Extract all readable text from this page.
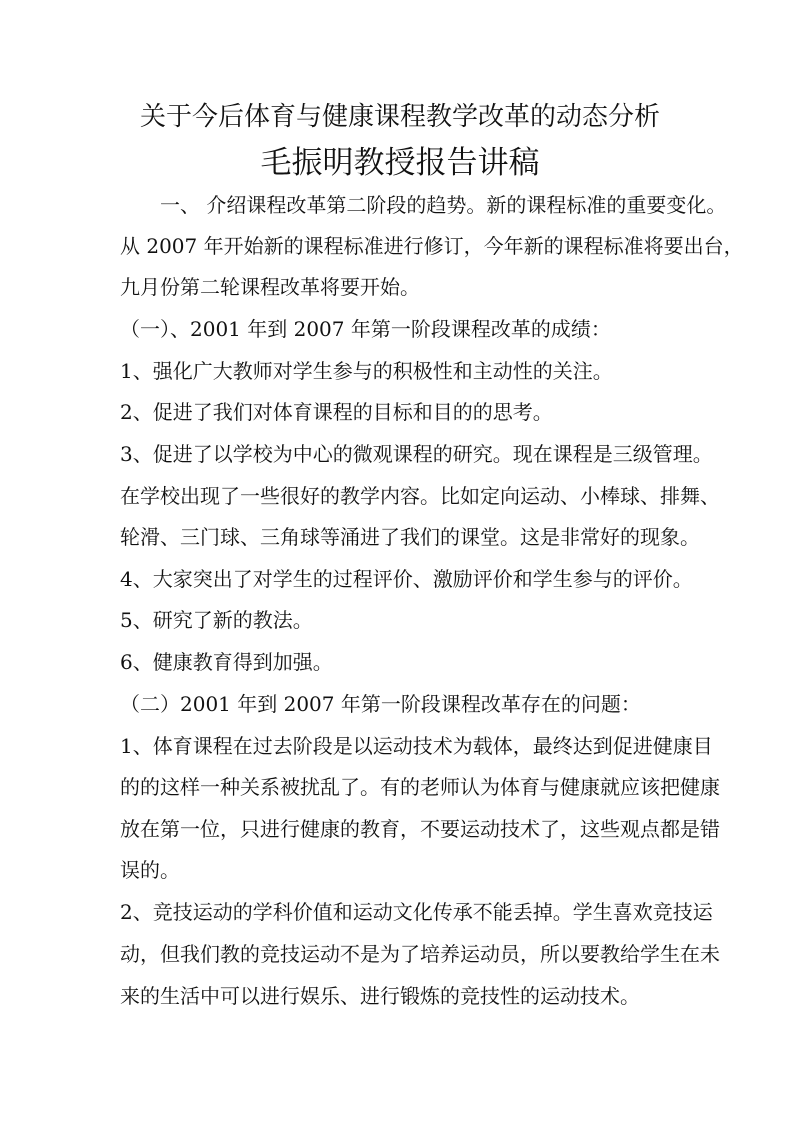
关于今后体育与健康课程教学改革的动态分析
毛振明教授报告讲稿

一、 介绍课程改革第二阶段的趋势。新的课程标准的重要变化。

从 2007 年开始新的课程标准进行修订，今年新的课程标准将要出台，

九月份第二轮课程改革将要开始。

（一）、2001 年到 2007 年第一阶段课程改革的成绩：

1、强化广大教师对学生参与的积极性和主动性的关注。

2、促进了我们对体育课程的目标和目的的思考。

3、促进了以学校为中心的微观课程的研究。现在课程是三级管理。

在学校出现了一些很好的教学内容。比如定向运动、小棒球、排舞、

轮滑、三门球、三角球等涌进了我们的课堂。这是非常好的现象。

4、大家突出了对学生的过程评价、激励评价和学生参与的评价。

5、研究了新的教法。

6、健康教育得到加强。

（二）2001 年到 2007 年第一阶段课程改革存在的问题：

1、体育课程在过去阶段是以运动技术为载体，最终达到促进健康目

的的这样一种关系被扰乱了。有的老师认为体育与健康就应该把健康

放在第一位，只进行健康的教育，不要运动技术了，这些观点都是错

误的。

2、竞技运动的学科价值和运动文化传承不能丢掉。学生喜欢竞技运

动，但我们教的竞技运动不是为了培养运动员，所以要教给学生在未

来的生活中可以进行娱乐、进行锻炼的竞技性的运动技术。
